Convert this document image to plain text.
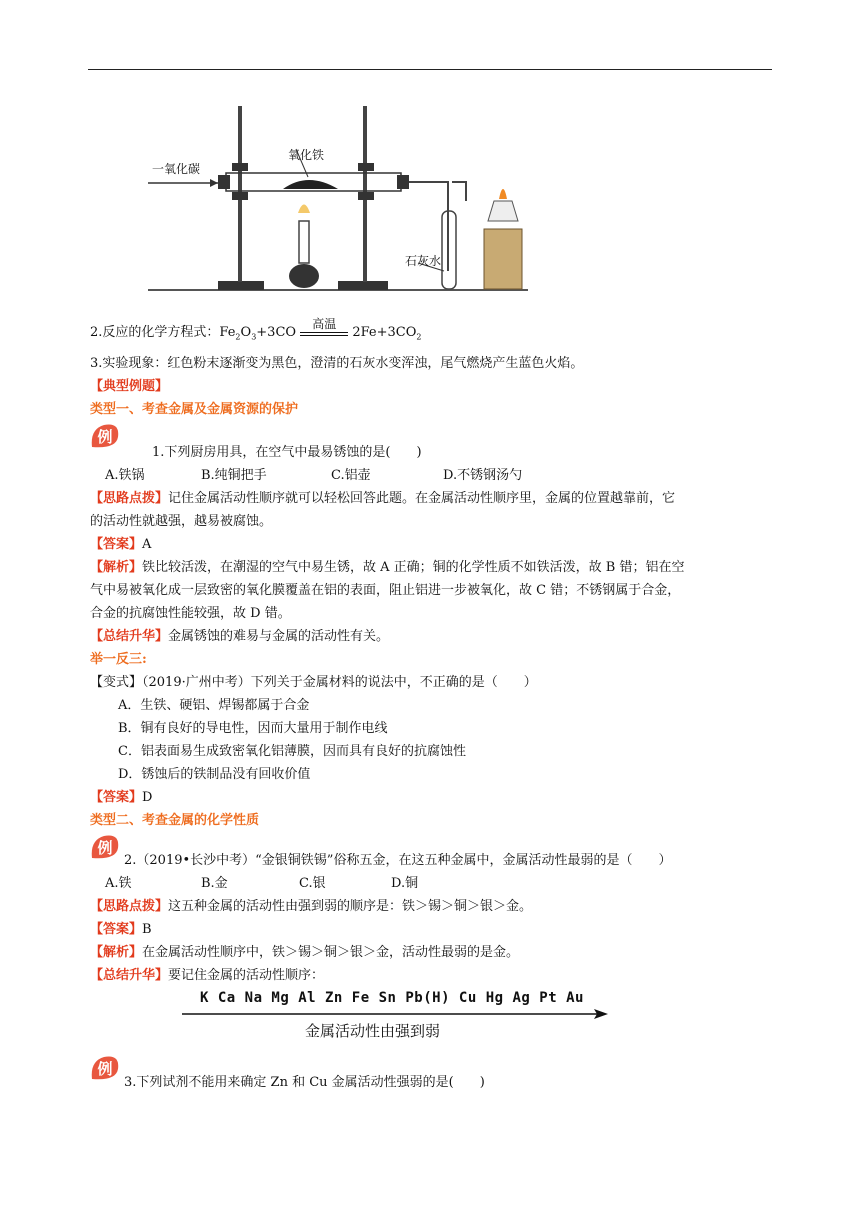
一氧化碳
氧化铁
石灰水
2.反应的化学方程式：$Fe_2O_3+3CO$
高温
$2Fe+3CO_2$
3.实验现象：红色粉末逐渐变为黑色，澄清的石灰水变浑浊，尾气燃烧产生蓝色火焰。
【典型例题】
类型一、考查金属及金属资源的保护
例
1.下列厨房用具，在空气中最易锈蚀的是(　　)
A.铁锅	B.纯铜把手	C.铝壶	D.不锈钢汤勺
【思路点拨】记住金属活动性顺序就可以轻松回答此题。在金属活动性顺序里，金属的位置越靠前，它
的活动性就越强，越易被腐蚀。
【答案】A
【解析】铁比较活泼，在潮湿的空气中易生锈，故 A 正确；铜的化学性质不如铁活泼，故 B 错；铝在空
气中易被氧化成一层致密的氧化膜覆盖在铝的表面，阻止铝进一步被氧化，故 C 错；不锈钢属于合金，
合金的抗腐蚀性能较强，故 D 错。
【总结升华】金属锈蚀的难易与金属的活动性有关。
举一反三:
【变式】（2019·广州中考）下列关于金属材料的说法中，不正确的是（　　）
A．生铁、硬铝、焊锡都属于合金
B．铜有良好的导电性，因而大量用于制作电线
C．铝表面易生成致密氧化铝薄膜，因而具有良好的抗腐蚀性
D．锈蚀后的铁制品没有回收价值
【答案】D
类型二、考查金属的化学性质
例
2.（2019•长沙中考）“金银铜铁锡”俗称五金，在这五种金属中，金属活动性最弱的是（　　）
A.铁	B.金	C.银	D.铜
【思路点拨】这五种金属的活动性由强到弱的顺序是：铁＞锡＞铜＞银＞金。
【答案】B
【解析】在金属活动性顺序中，铁＞锡＞铜＞银＞金，活动性最弱的是金。
【总结升华】要记住金属的活动性顺序：
K Ca Na Mg Al Zn Fe Sn Pb(H) Cu Hg Ag Pt Au
金属活动性由强到弱
例
3.下列试剂不能用来确定 Zn 和 Cu 金属活动性强弱的是(　　)
